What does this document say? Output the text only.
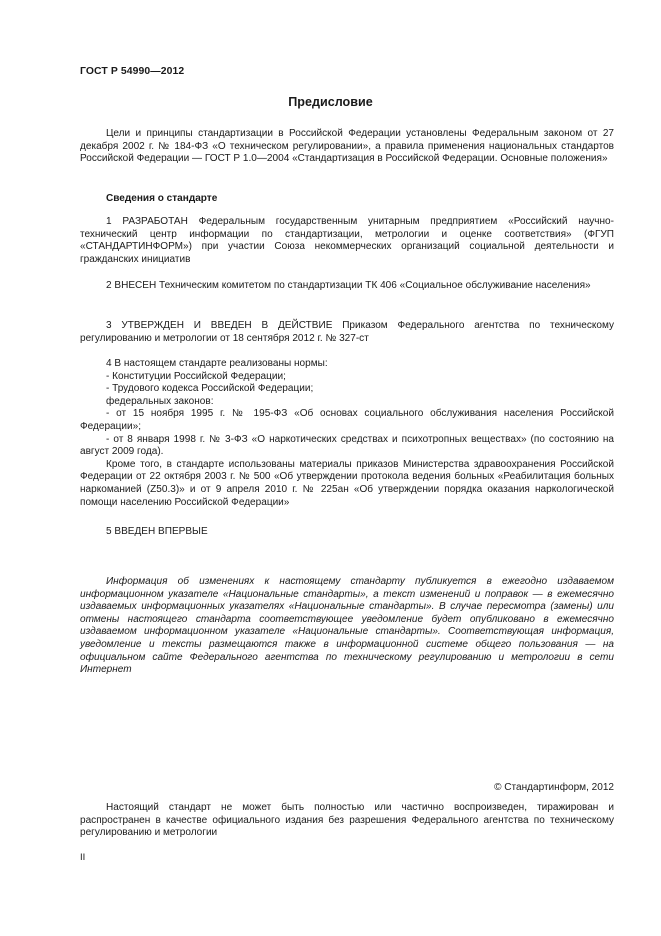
ГОСТ Р 54990—2012
Предисловие

Цели и принципы стандартизации в Российской Федерации установлены Федеральным законом от 27 декабря 2002 г. № 184-ФЗ «О техническом регулировании», а правила применения национальных стандартов Российской Федерации — ГОСТ Р 1.0—2004 «Стандартизация в Российской Федерации. Основные положения»

Сведения о стандарте

1 РАЗРАБОТАН Федеральным государственным унитарным предприятием «Российский научно-технический центр информации по стандартизации, метрологии и оценке соответствия» (ФГУП «СТАНДАРТИНФОРМ») при участии Союза некоммерческих организаций социальной деятельности и гражданских инициатив

2 ВНЕСЕН Техническим комитетом по стандартизации ТК 406 «Социальное обслуживание населения»

3 УТВЕРЖДЕН И ВВЕДЕН В ДЕЙСТВИЕ Приказом Федерального агентства по техническому регулированию и метрологии от 18 сентября 2012 г. № 327-ст

4 В настоящем стандарте реализованы нормы:

- Конституции Российской Федерации;

- Трудового кодекса Российской Федерации;

федеральных законов:

- от 15 ноября 1995 г. № 195-ФЗ «Об основах социального обслуживания населения Российской Федерации»;

- от 8 января 1998 г. № 3-ФЗ «О наркотических средствах и психотропных веществах» (по состоянию на август 2009 года).

Кроме того, в стандарте использованы материалы приказов Министерства здравоохранения Российской Федерации от 22 октября 2003 г. № 500 «Об утверждении протокола ведения больных «Реабилитация больных наркоманией (Z50.3)» и от 9 апреля 2010 г. № 225ан «Об утверждении порядка оказания наркологической помощи населению Российской Федерации»

5 ВВЕДЕН ВПЕРВЫЕ

Информация об изменениях к настоящему стандарту публикуется в ежегодно издаваемом информационном указателе «Национальные стандарты», а текст изменений и поправок — в ежемесячно издаваемых информационных указателях «Национальные стандарты». В случае пересмотра (замены) или отмены настоящего стандарта соответствующее уведомление будет опубликовано в ежемесячно издаваемом информационном указателе «Национальные стандарты». Соответствующая информация, уведомление и тексты размещаются также в информационной системе общего пользования — на официальном сайте Федерального агентства по техническому регулированию и метрологии в сети Интернет

© Стандартинформ, 2012

Настоящий стандарт не может быть полностью или частично воспроизведен, тиражирован и распространен в качестве официального издания без разрешения Федерального агентства по техническому регулированию и метрологии

II
